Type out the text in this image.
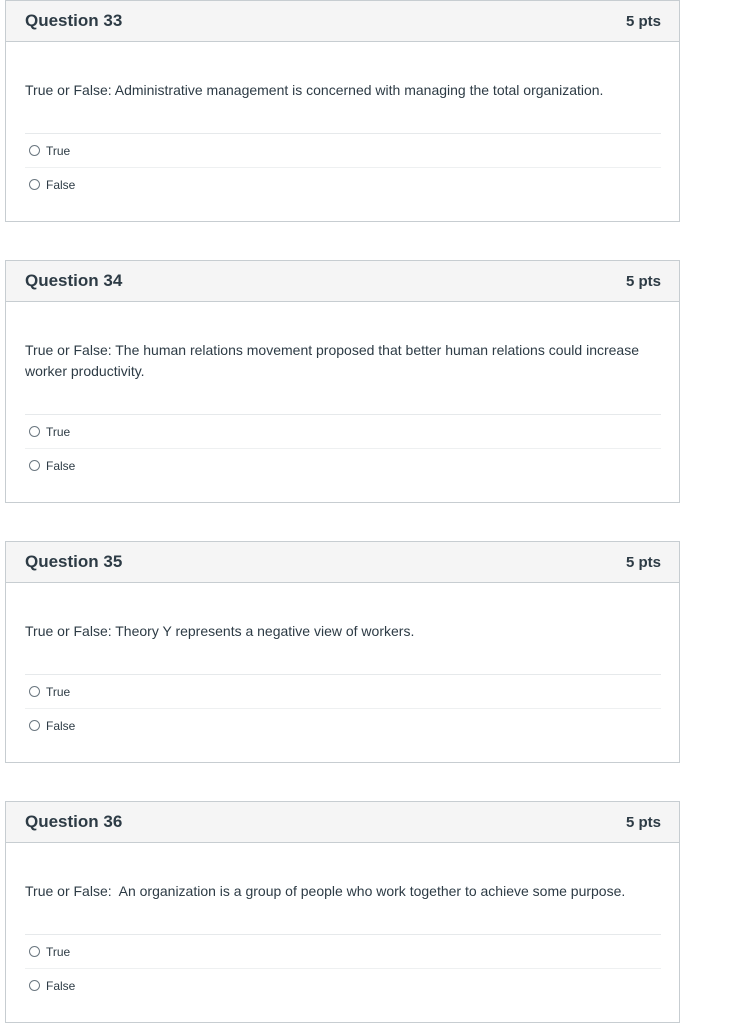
Question 33	5 pts
True or False: Administrative management is concerned with managing the total organization.
True
False
Question 34	5 pts
True or False: The human relations movement proposed that better human relations could increase worker productivity.
True
False
Question 35	5 pts
True or False: Theory Y represents a negative view of workers.
True
False
Question 36	5 pts
True or False:  An organization is a group of people who work together to achieve some purpose.
True
False
